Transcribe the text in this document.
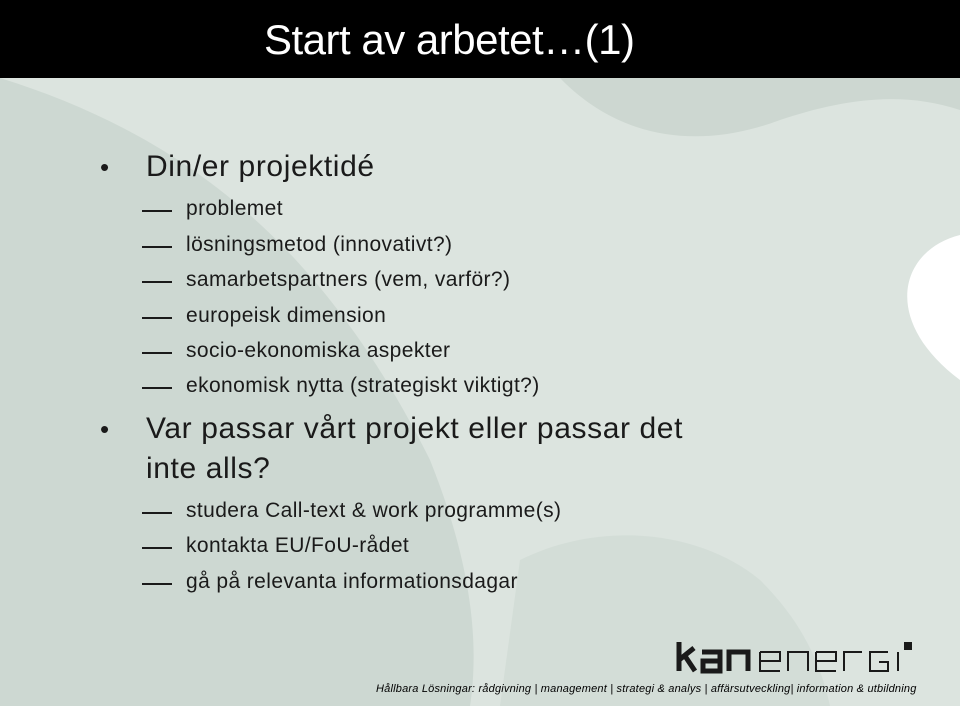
Start av arbetet…(1)
• Din/er projektidé
problemet
lösningsmetod (innovativt?)
samarbetspartners (vem, varför?)
europeisk dimension
socio-ekonomiska aspekter
ekonomisk nytta (strategiskt viktigt?)
• Var passar vårt projekt eller passar det
inte alls?
studera Call-text & work programme(s)
kontakta EU/FoU-rådet
gå på relevanta informationsdagar
Hållbara Lösningar: rådgivning | management | strategi & analys | affärsutveckling| information & utbildning
